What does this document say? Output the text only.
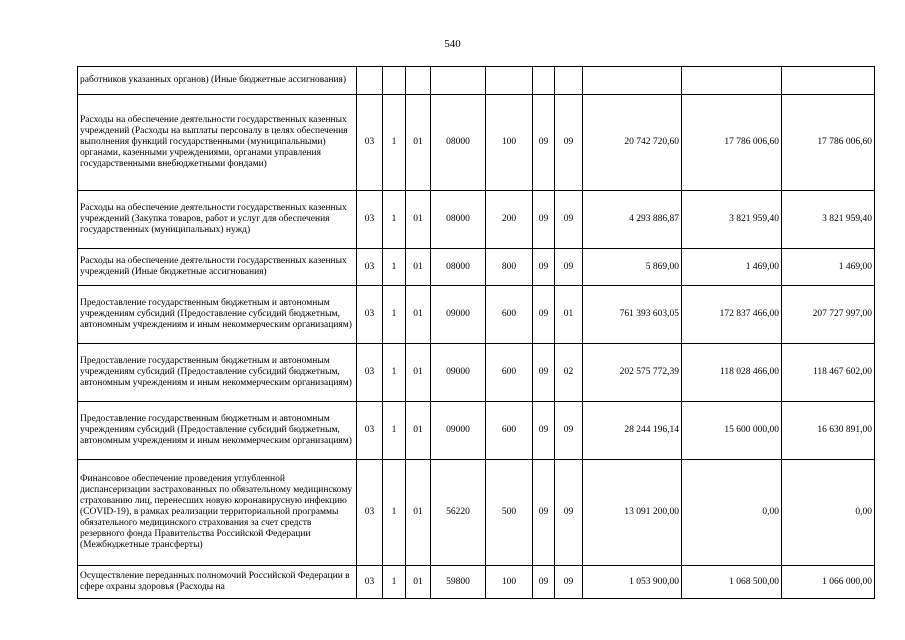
540
работников указанных органов) (Иные бюджетные ассигнования)										
Расходы на обеспечение деятельности государственных казенных учреждений (Расходы на выплаты персоналу в целях обеспечения выполнения функций государственными (муниципальными) органами, казенными учреждениями, органами управления государственными внебюджетными фондами)	03	1	01	08000	100	09	09	20 742 720,60	17 786 006,60	17 786 006,60
Расходы на обеспечение деятельности государственных казенных учреждений (Закупка товаров, работ и услуг для обеспечения государственных (муниципальных) нужд)	03	1	01	08000	200	09	09	4 293 886,87	3 821 959,40	3 821 959,40
Расходы на обеспечение деятельности государственных казенных учреждений (Иные бюджетные ассигнования)	03	1	01	08000	800	09	09	5 869,00	1 469,00	1 469,00
Предоставление государственным бюджетным и автономным учреждениям субсидий (Предоставление субсидий бюджетным, автономным учреждениям и иным некоммерческим организациям)	03	1	01	09000	600	09	01	761 393 603,05	172 837 466,00	207 727 997,00
Предоставление государственным бюджетным и автономным учреждениям субсидий (Предоставление субсидий бюджетным, автономным учреждениям и иным некоммерческим организациям)	03	1	01	09000	600	09	02	202 575 772,39	118 028 466,00	118 467 602,00
Предоставление государственным бюджетным и автономным учреждениям субсидий (Предоставление субсидий бюджетным, автономным учреждениям и иным некоммерческим организациям)	03	1	01	09000	600	09	09	28 244 196,14	15 600 000,00	16 630 891,00
Финансовое обеспечение проведения углубленной диспансеризации застрахованных по обязательному медицинскому страхованию лиц, перенесших новую коронавирусную инфекцию (COVID-19), в рамках реализации территориальной программы обязательного медицинского страхования за счет средств резервного фонда Правительства Российской Федерации (Межбюджетные трансферты)	03	1	01	56220	500	09	09	13 091 200,00	0,00	0,00
Осуществление переданных полномочий Российской Федерации в сфере охраны здоровья (Расходы на	03	1	01	59800	100	09	09	1 053 900,00	1 068 500,00	1 066 000,00
